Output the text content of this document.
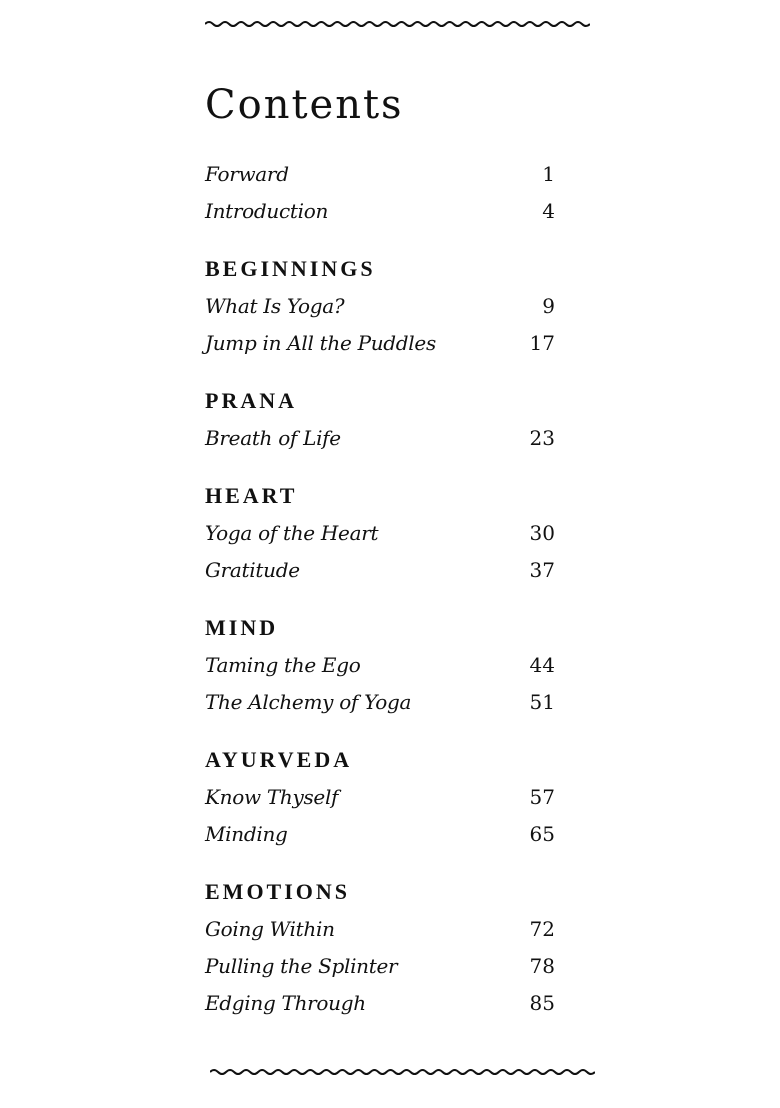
Contents
Forward	1
Introduction	4
BEGINNINGS
What Is Yoga?	9
Jump in All the Puddles	17
PRANA
Breath of Life	23
HEART
Yoga of the Heart	30
Gratitude	37
MIND
Taming the Ego	44
The Alchemy of Yoga	51
AYURVEDA
Know Thyself	57
Minding	65
EMOTIONS
Going Within	72
Pulling the Splinter	78
Edging Through	85
